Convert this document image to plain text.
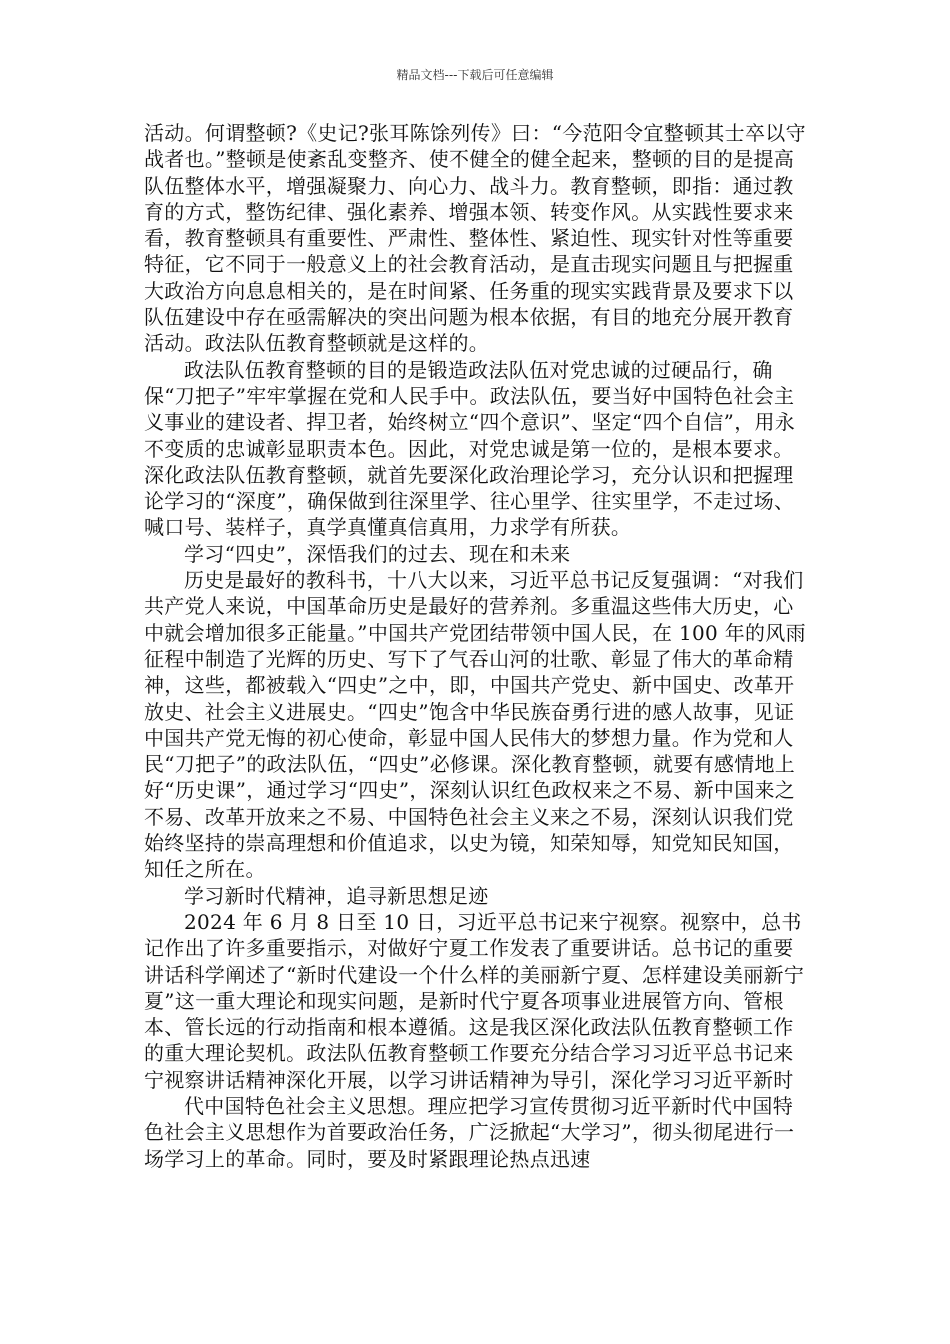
精品文档---下载后可任意编辑

活动。何谓整顿?《史记?张耳陈馀列传》曰：“今范阳令宜整顿其士卒以守战者也。”整顿是使紊乱变整齐、使不健全的健全起来，整顿的目的是提高队伍整体水平，增强凝聚力、向心力、战斗力。教育整顿，即指：通过教育的方式，整饬纪律、强化素养、增强本领、转变作风。从实践性要求来看，教育整顿具有重要性、严肃性、整体性、紧迫性、现实针对性等重要特征，它不同于一般意义上的社会教育活动，是直击现实问题且与把握重大政治方向息息相关的，是在时间紧、任务重的现实实践背景及要求下以队伍建设中存在亟需解决的突出问题为根本依据，有目的地充分展开教育活动。政法队伍教育整顿就是这样的。

政法队伍教育整顿的目的是锻造政法队伍对党忠诚的过硬品行，确保“刀把子”牢牢掌握在党和人民手中。政法队伍，要当好中国特色社会主义事业的建设者、捍卫者，始终树立“四个意识”、坚定“四个自信”，用永不变质的忠诚彰显职责本色。因此，对党忠诚是第一位的，是根本要求。深化政法队伍教育整顿，就首先要深化政治理论学习，充分认识和把握理论学习的“深度”，确保做到往深里学、往心里学、往实里学，不走过场、喊口号、装样子，真学真懂真信真用，力求学有所获。

学习“四史”，深悟我们的过去、现在和未来

历史是最好的教科书，十八大以来，习近平总书记反复强调：“对我们共产党人来说，中国革命历史是最好的营养剂。多重温这些伟大历史，心中就会增加很多正能量。”中国共产党团结带领中国人民，在 100 年的风雨征程中制造了光辉的历史、写下了气吞山河的壮歌、彰显了伟大的革命精神，这些，都被载入“四史”之中，即，中国共产党史、新中国史、改革开放史、社会主义进展史。“四史”饱含中华民族奋勇行进的感人故事，见证中国共产党无悔的初心使命，彰显中国人民伟大的梦想力量。作为党和人民“刀把子”的政法队伍，“四史”必修课。深化教育整顿，就要有感情地上好“历史课”，通过学习“四史”，深刻认识红色政权来之不易、新中国来之不易、改革开放来之不易、中国特色社会主义来之不易，深刻认识我们党始终坚持的崇高理想和价值追求，以史为镜，知荣知辱，知党知民知国，知任之所在。

学习新时代精神，追寻新思想足迹

2024 年 6 月 8 日至 10 日，习近平总书记来宁视察。视察中，总书记作出了许多重要指示，对做好宁夏工作发表了重要讲话。总书记的重要讲话科学阐述了“新时代建设一个什么样的美丽新宁夏、怎样建设美丽新宁夏”这一重大理论和现实问题，是新时代宁夏各项事业进展管方向、管根本、管长远的行动指南和根本遵循。这是我区深化政法队伍教育整顿工作的重大理论契机。政法队伍教育整顿工作要充分结合学习习近平总书记来宁视察讲话精神深化开展，以学习讲话精神为导引，深化学习习近平新时

代中国特色社会主义思想。理应把学习宣传贯彻习近平新时代中国特色社会主义思想作为首要政治任务，广泛掀起“大学习”，彻头彻尾进行一场学习上的革命。同时，要及时紧跟理论热点迅速
